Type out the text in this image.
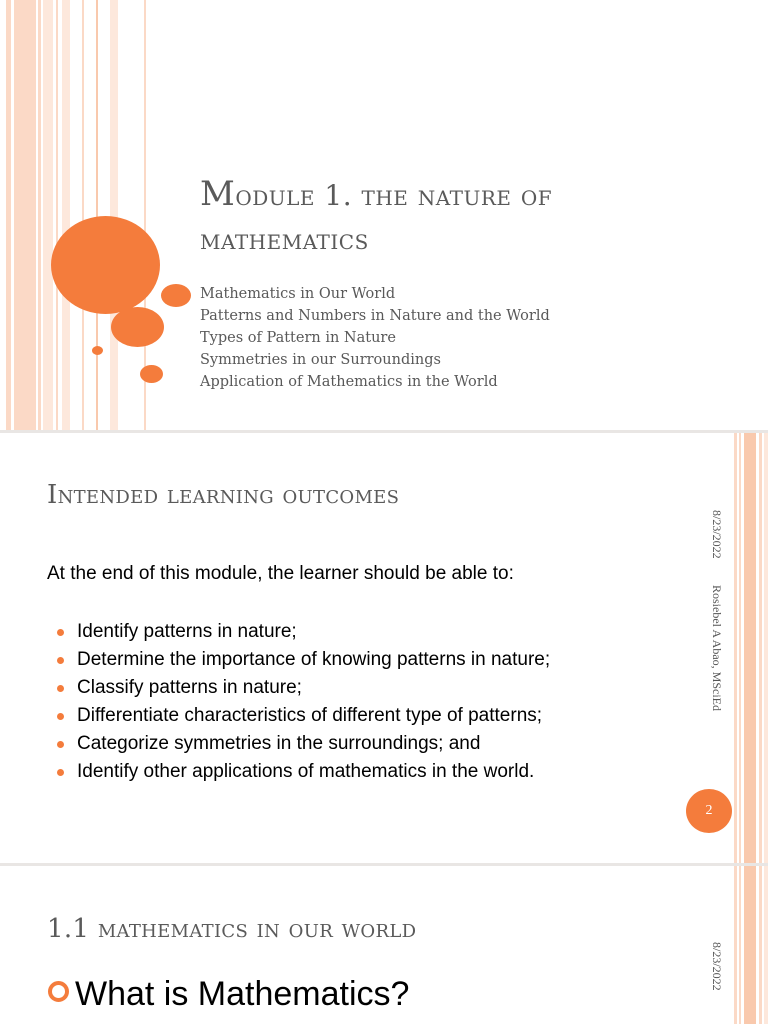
Module 1. the nature of
mathematics
Mathematics in Our World
Patterns and Numbers in Nature and the World
Types of Pattern in Nature
Symmetries in our Surroundings
Application of Mathematics in the World
Intended learning outcomes
At the end of this module, the learner should be able to:
Identify patterns in nature;
Determine the importance of knowing patterns in nature;
Classify patterns in nature;
Differentiate characteristics of different type of patterns;
Categorize symmetries in the surroundings; and
Identify other applications of mathematics in the world.
8/23/2022
Rosiebel A Abao, MSciEd
2
1.1 mathematics in our world
What is Mathematics?
8/23/2022
